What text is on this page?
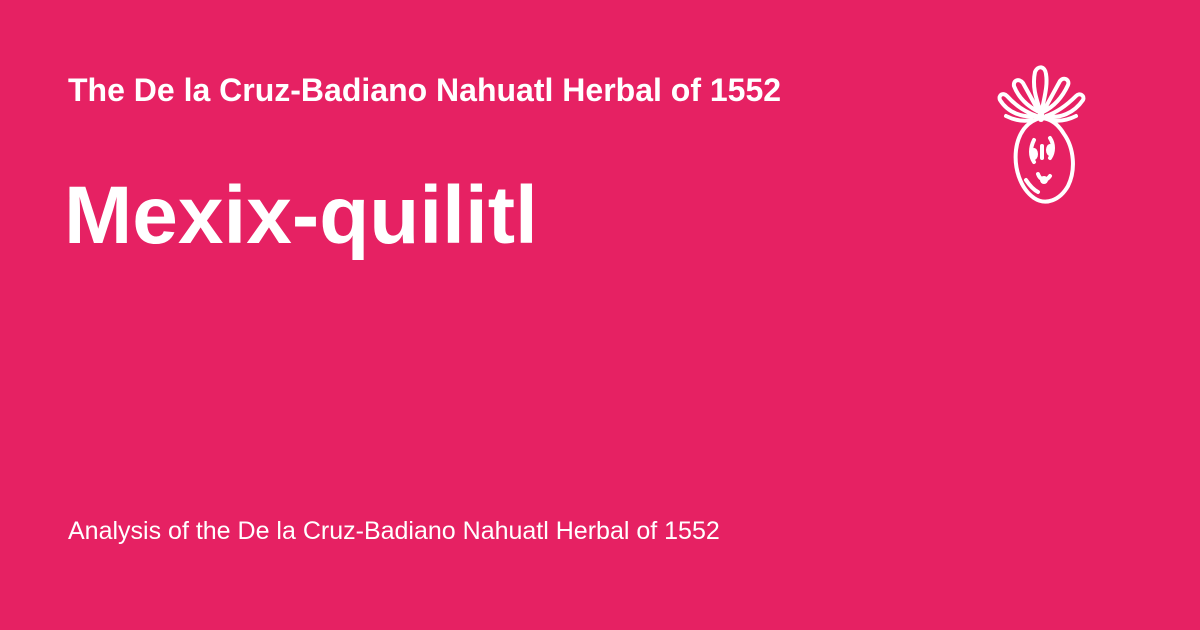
The De la Cruz-Badiano Nahuatl Herbal of 1552
Mexix-quilitl

Analysis of the De la Cruz-Badiano Nahuatl Herbal of 1552
